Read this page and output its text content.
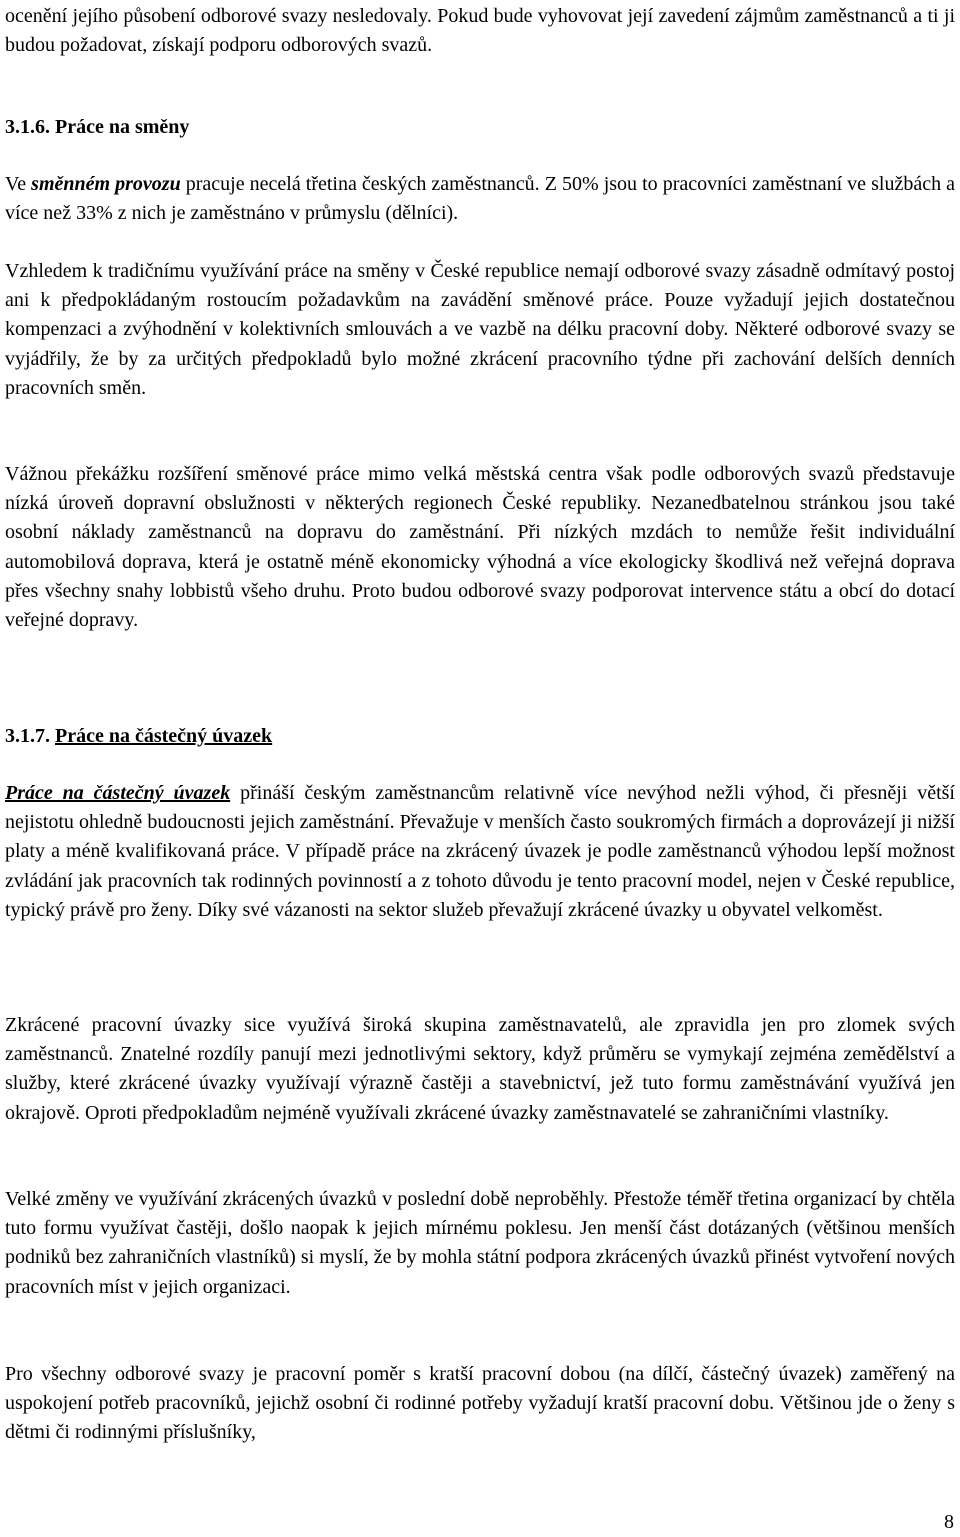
ocenění jejího působení odborové svazy nesledovaly. Pokud bude vyhovovat její zavedení zájmům zaměstnanců a ti ji budou požadovat, získají podporu odborových svazů.

3.1.6. Práce na směny

Ve směnném provozu pracuje necelá třetina českých zaměstnanců. Z 50% jsou to pracovníci zaměstnaní ve službách a více než 33% z nich je zaměstnáno v průmyslu (dělníci).

Vzhledem k tradičnímu využívání práce na směny v České republice nemají odborové svazy zásadně odmítavý postoj ani k předpokládaným rostoucím požadavkům na zavádění směnové práce. Pouze vyžadují jejich dostatečnou kompenzaci a zvýhodnění v kolektivních smlouvách a ve vazbě na délku pracovní doby. Některé odborové svazy se vyjádřily, že by za určitých předpokladů bylo možné zkrácení pracovního týdne při zachování delších denních pracovních směn.

Vážnou překážku rozšíření směnové práce mimo velká městská centra však podle odborových svazů představuje nízká úroveň dopravní obslužnosti v některých regionech České republiky. Nezanedbatelnou stránkou jsou také osobní náklady zaměstnanců na dopravu do zaměstnání. Při nízkých mzdách to nemůže řešit individuální automobilová doprava, která je ostatně méně ekonomicky výhodná a více ekologicky škodlivá než veřejná doprava přes všechny snahy lobbistů všeho druhu. Proto budou odborové svazy podporovat intervence státu a obcí do dotací veřejné dopravy.

3.1.7. Práce na částečný úvazek

Práce na částečný úvazek přináší českým zaměstnancům relativně více nevýhod nežli výhod, či přesněji větší nejistotu ohledně budoucnosti jejich zaměstnání. Převažuje v menších často soukromých firmách a doprovázejí ji nižší platy a méně kvalifikovaná práce. V případě práce na zkrácený úvazek je podle zaměstnanců výhodou lepší možnost zvládání jak pracovních tak rodinných povinností a z tohoto důvodu je tento pracovní model, nejen v České republice, typický právě pro ženy. Díky své vázanosti na sektor služeb převažují zkrácené úvazky u obyvatel velkoměst.

Zkrácené pracovní úvazky sice využívá široká skupina zaměstnavatelů, ale zpravidla jen pro zlomek svých zaměstnanců. Znatelné rozdíly panují mezi jednotlivými sektory, když průměru se vymykají zejména zemědělství a služby, které zkrácené úvazky využívají výrazně častěji a stavebnictví, jež tuto formu zaměstnávání využívá jen okrajově. Oproti předpokladům nejméně využívali zkrácené úvazky zaměstnavatelé se zahraničními vlastníky.

Velké změny ve využívání zkrácených úvazků v poslední době neproběhly. Přestože téměř třetina organizací by chtěla tuto formu využívat častěji, došlo naopak k jejich mírnému poklesu. Jen menší část dotázaných (většinou menších podniků bez zahraničních vlastníků) si myslí, že by mohla státní podpora zkrácených úvazků přinést vytvoření nových pracovních míst v jejich organizaci.

Pro všechny odborové svazy je pracovní poměr s kratší pracovní dobou (na dílčí, částečný úvazek) zaměřený na uspokojení potřeb pracovníků, jejichž osobní či rodinné potřeby vyžadují kratší pracovní dobu. Většinou jde o ženy s dětmi či rodinnými příslušníky,

8
